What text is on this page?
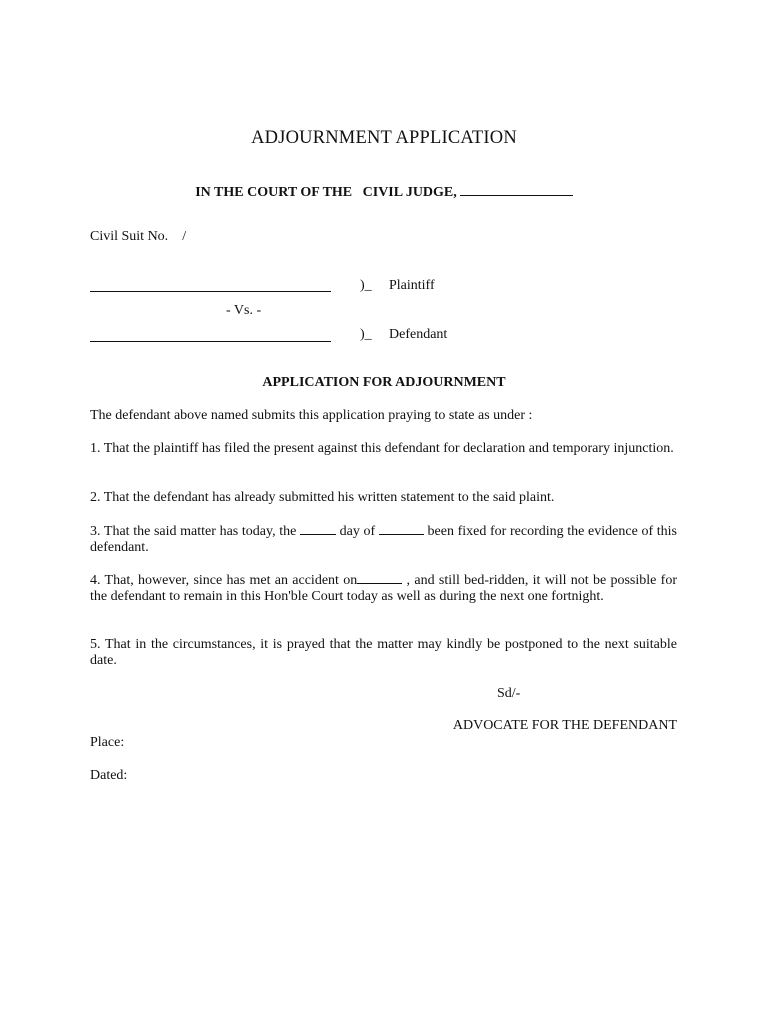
ADJOURNMENT APPLICATION
IN THE COURT OF THE   CIVIL JUDGE,
Civil Suit No. /
)_ Plaintiff
- Vs. -
)_ Defendant
APPLICATION FOR ADJOURNMENT
The defendant above named submits this application praying to state as under :
1. That the plaintiff has filed the present against this defendant for declaration and temporary injunction.
2. That the defendant has already submitted his written statement to the said plaint.
3. That the said matter has today, the	day of	been fixed for recording the evidence of this defendant.
4. That, however, since has met an accident on	, and still bed-ridden, it will not be possible for the defendant to remain in this Hon'ble Court today as well as during the next one fortnight.
5. That in the circumstances, it is prayed that the matter may kindly be postponed to the next suitable date.
Sd/-
ADVOCATE FOR THE DEFENDANT
Place:
Dated:
